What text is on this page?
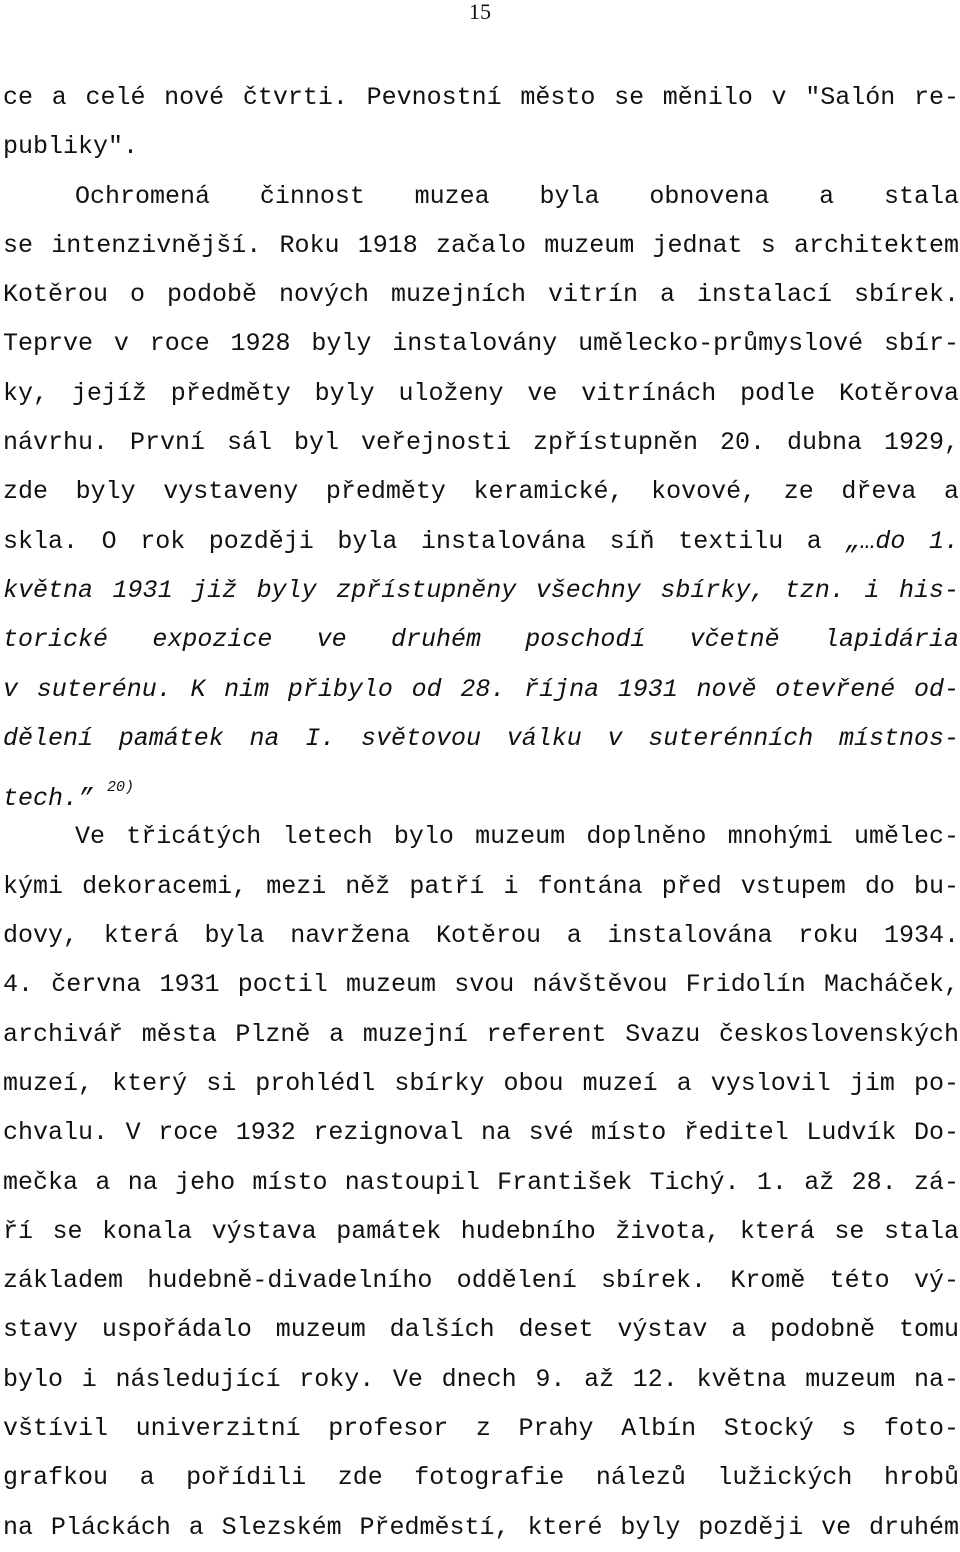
15
ce a celé nové čtvrti. Pevnostní město se měnilo v "Salón re-
publiky".
Ochromená činnost muzea byla obnovena a stala
se intenzivnější. Roku 1918 začalo muzeum jednat s architektem
Kotěrou o podobě nových muzejních vitrín a instalací sbírek.
Teprve v roce 1928 byly instalovány umělecko-průmyslové sbír-
ky, jejíž předměty byly uloženy ve vitrínách podle Kotěrova
návrhu. První sál byl veřejnosti zpřístupněn 20. dubna 1929,
zde byly vystaveny předměty keramické, kovové, ze dřeva a
skla. O rok později byla instalována síň textilu a „…do 1.
května 1931 již byly zpřístupněny všechny sbírky, tzn. i his-
torické expozice ve druhém poschodí včetně lapidária
v suterénu. K nim přibylo od 28. října 1931 nově otevřené od-
dělení památek na I. světovou válku v suterénních místnos-
tech.” $^{20)}$
Ve třicátých letech bylo muzeum doplněno mnohými umělec-
kými dekoracemi, mezi něž patří i fontána před vstupem do bu-
dovy, která byla navržena Kotěrou a instalována roku 1934.
4. června 1931 poctil muzeum svou návštěvou Fridolín Macháček,
archivář města Plzně a muzejní referent Svazu československých
muzeí, který si prohlédl sbírky obou muzeí a vyslovil jim po-
chvalu. V roce 1932 rezignoval na své místo ředitel Ludvík Do-
mečka a na jeho místo nastoupil František Tichý. 1. až 28. zá-
ří se konala výstava památek hudebního života, která se stala
základem hudebně-divadelního oddělení sbírek. Kromě této vý-
stavy uspořádalo muzeum dalších deset výstav a podobně tomu
bylo i následující roky. Ve dnech 9. až 12. května muzeum na-
vštívil univerzitní profesor z Prahy Albín Stocký s foto-
grafkou a pořídili zde fotografie nálezů lužických hrobů
na Pláckách a Slezském Předměstí, které byly později ve druhém
